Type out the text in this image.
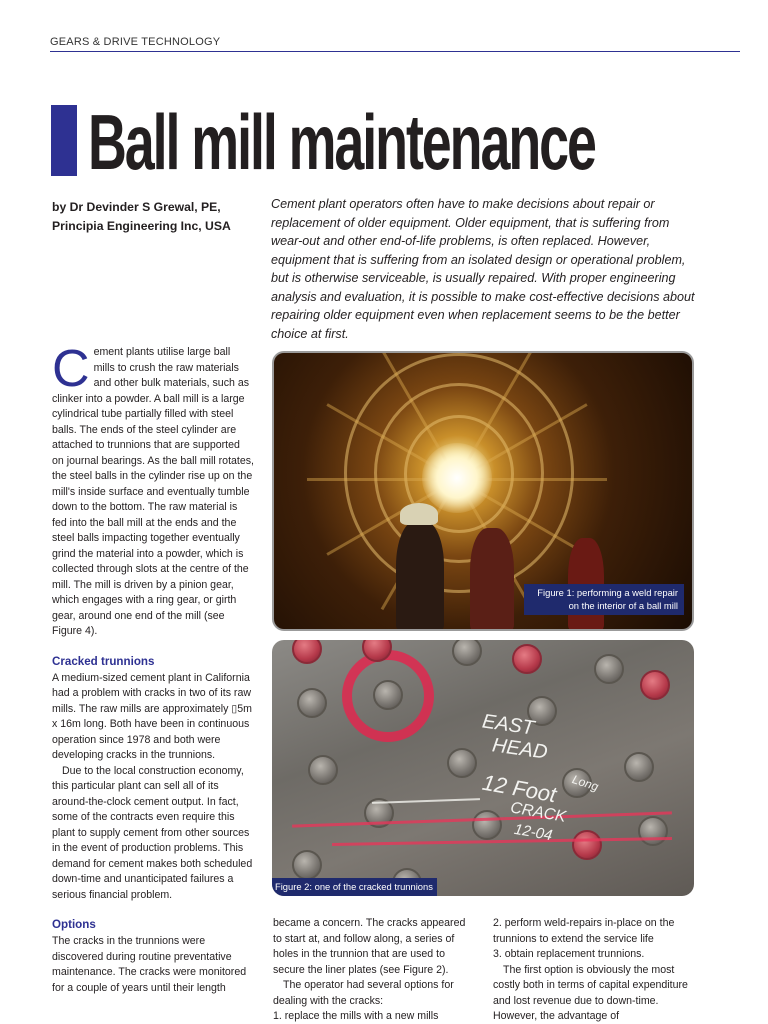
GEARS & DRIVE TECHNOLOGY
Ball mill maintenance
by Dr Devinder S Grewal, PE,
Principia Engineering Inc, USA

Cement plant operators often have to make decisions about repair or replacement of older equipment. Older equipment, that is suffering from wear-out and other end-of-life problems, is often replaced. However, equipment that is suffering from an isolated design or operational problem, but is otherwise serviceable, is usually repaired. With proper engineering analysis and evaluation, it is possible to make cost-effective decisions about repairing older equipment even when replacement seems to be the better choice at first.

C ement plants utilise large ball mills to crush the raw materials and other bulk materials, such as clinker into a powder. A ball mill is a large cylindrical tube partially filled with steel balls. The ends of the steel cylinder are attached to trunnions that are supported on journal bearings. As the ball mill rotates, the steel balls in the cylinder rise up on the mill's inside surface and eventually tumble down to the bottom. The raw material is fed into the ball mill at the ends and the steel balls impacting together eventually grind the material into a powder, which is collected through slots at the centre of the mill. The mill is driven by a pinion gear, which engages with a ring gear, or girth gear, around one end of the mill (see Figure 4).

Cracked trunnions

A medium-sized cement plant in California had a problem with cracks in two of its raw mills. The raw mills are approximately ▯5m x 16m long. Both have been in continuous operation since 1978 and both were developing cracks in the trunnions.

Due to the local construction economy, this particular plant can sell all of its around-the-clock cement output. In fact, some of the contracts even require this plant to supply cement from other sources in the event of production problems. This demand for cement makes both scheduled down-time and unanticipated failures a serious financial problem.

Options

The cracks in the trunnions were discovered during routine preventative maintenance. The cracks were monitored for a couple of years until their length

Figure 1: performing a weld repair
on the interior of a ball mill
EAST
HEAD
12 Foot
CRACK
12-04
Long
Figure 2: one of the cracked trunnions

became a concern. The cracks appeared to start at, and follow along, a series of holes in the trunnion that are used to secure the liner plates (see Figure 2).

The operator had several options for dealing with the cracks:

1. replace the mills with a new mills

2. perform weld-repairs in-place on the trunnions to extend the service life

3. obtain replacement trunnions.

The first option is obviously the most costly both in terms of capital expenditure and lost revenue due to down-time. However, the advantage of
